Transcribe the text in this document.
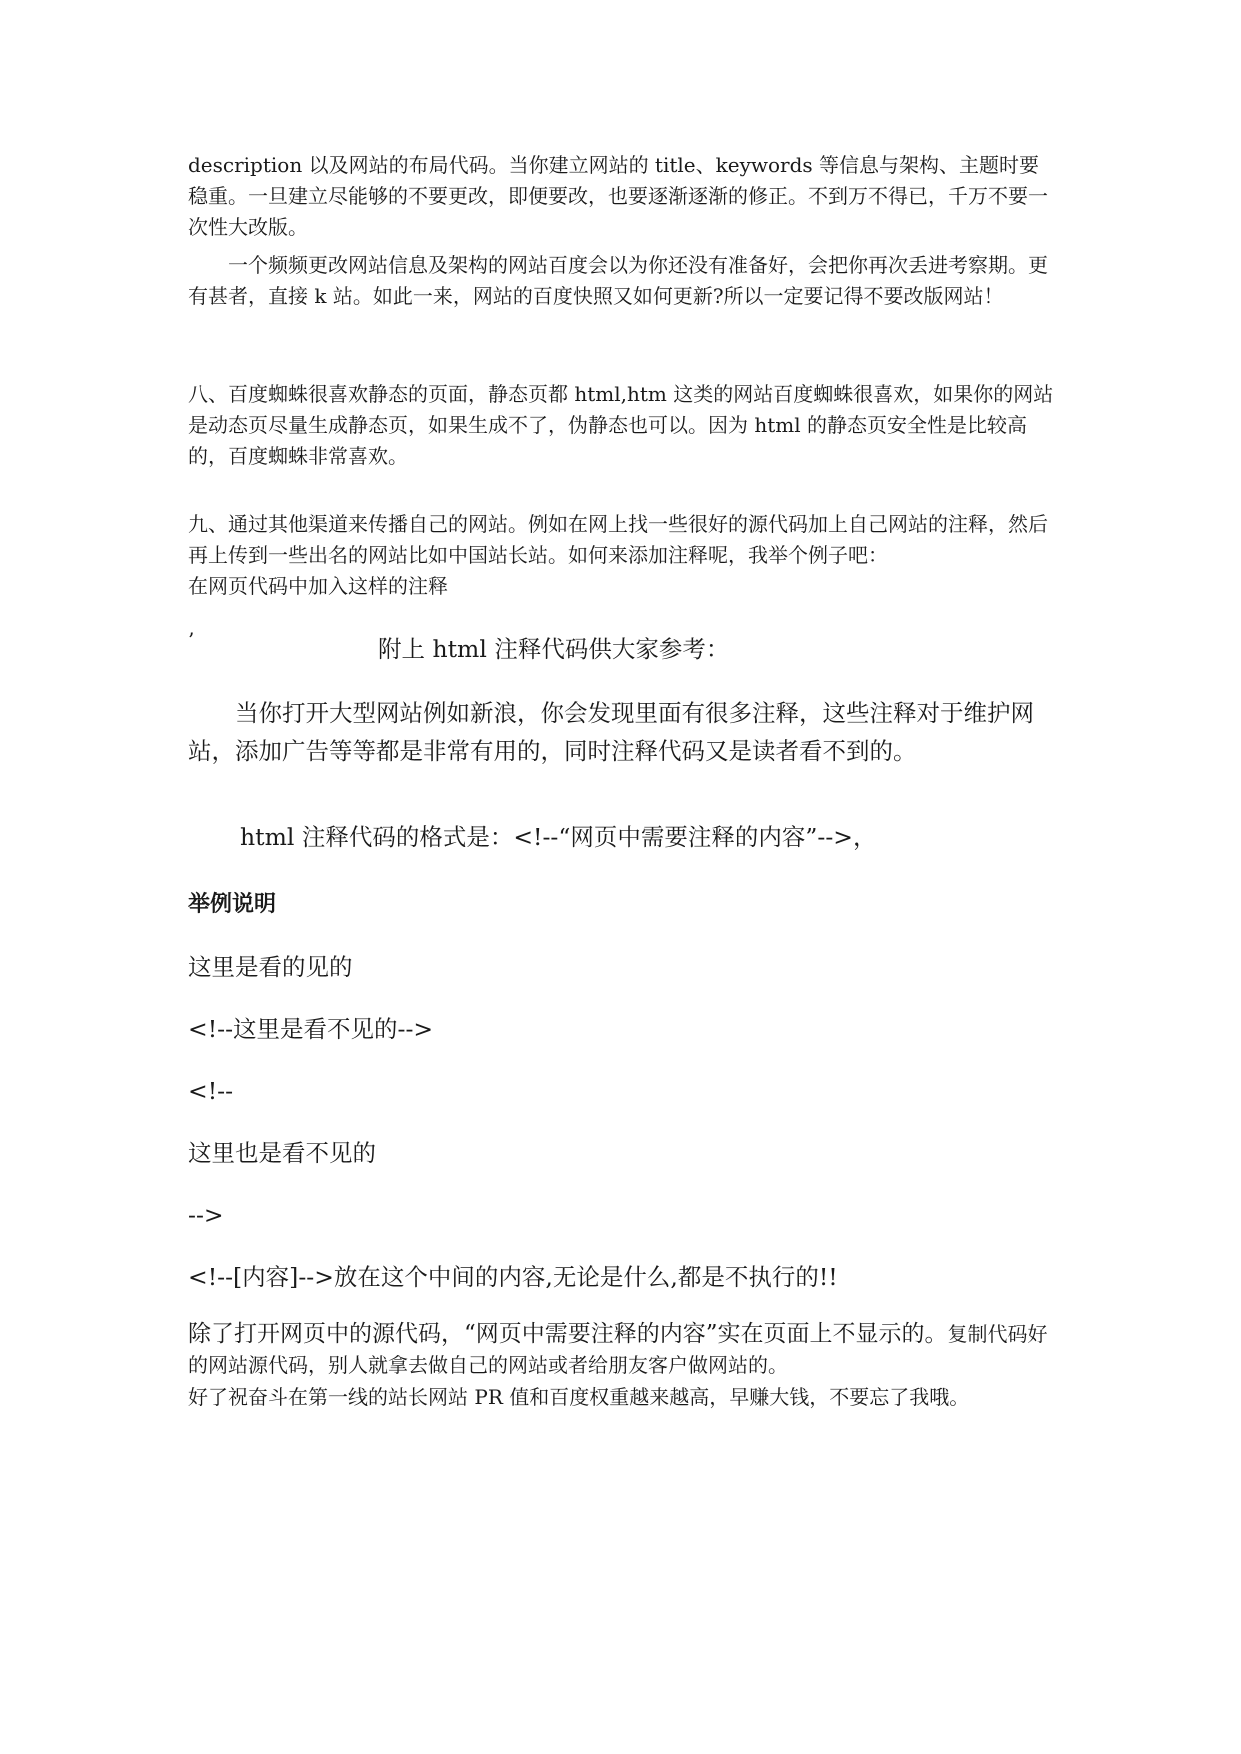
description 以及网站的布局代码。当你建立网站的 title、keywords 等信息与架构、主题时要稳重。一旦建立尽能够的不要更改，即便要改，也要逐渐逐渐的修正。不到万不得已，千万不要一次性大改版。

一个频频更改网站信息及架构的网站百度会以为你还没有准备好，会把你再次丢进考察期。更有甚者，直接 k 站。如此一来，网站的百度快照又如何更新?所以一定要记得不要改版网站！

八、百度蜘蛛很喜欢静态的页面，静态页都 html,htm 这类的网站百度蜘蛛很喜欢，如果你的网站是动态页尽量生成静态页，如果生成不了，伪静态也可以。因为 html 的静态页安全性是比较高的，百度蜘蛛非常喜欢。

九、通过其他渠道来传播自己的网站。例如在网上找一些很好的源代码加上自己网站的注释，然后再上传到一些出名的网站比如中国站长站。如何来添加注释呢，我举个例子吧：

在网页代码中加入这样的注释

’	附上 html 注释代码供大家参考：

当你打开大型网站例如新浪，你会发现里面有很多注释，这些注释对于维护网站，添加广告等等都是非常有用的，同时注释代码又是读者看不到的。

html 注释代码的格式是：<!--“网页中需要注释的内容”-->，

举例说明

这里是看的见的

<!--这里是看不见的-->

<!--

这里也是看不见的

-->

<!--[内容]-->放在这个中间的内容,无论是什么,都是不执行的!!

除了打开网页中的源代码，“网页中需要注释的内容”实在页面上不显示的。复制代码好的网站源代码，别人就拿去做自己的网站或者给朋友客户做网站的。

好了祝奋斗在第一线的站长网站 PR 值和百度权重越来越高，早赚大钱，不要忘了我哦。
